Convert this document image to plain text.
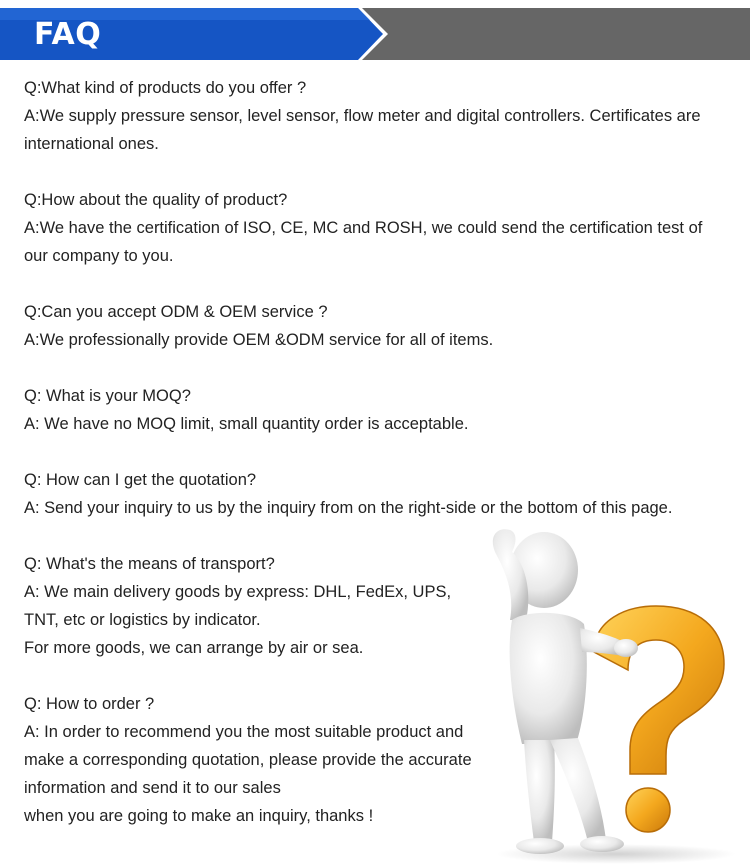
FAQ
Q:What kind of products do you offer ?
A:We supply pressure sensor, level sensor, flow meter and digital controllers. Certificates are
international ones.
Q:How about the quality of product?
A:We have the certification of ISO, CE, MC and ROSH, we could send the certification test of
our company to you.
Q:Can you accept ODM & OEM service ?
A:We professionally provide OEM &ODM service for all of items.
Q: What is your MOQ?
A: We have no MOQ limit, small quantity order is acceptable.
Q: How can I get the quotation?
A: Send your inquiry to us by the inquiry from on the right-side or the bottom of this page.
Q: What's the means of transport?
A: We main delivery goods by express: DHL, FedEx, UPS,
TNT, etc or logistics by indicator.
For more goods, we can arrange by air or sea.
Q: How to order ?
A: In order to recommend you the most suitable product and
make a corresponding quotation, please provide the accurate
information and send it to our sales
when you are going to make an inquiry, thanks !
